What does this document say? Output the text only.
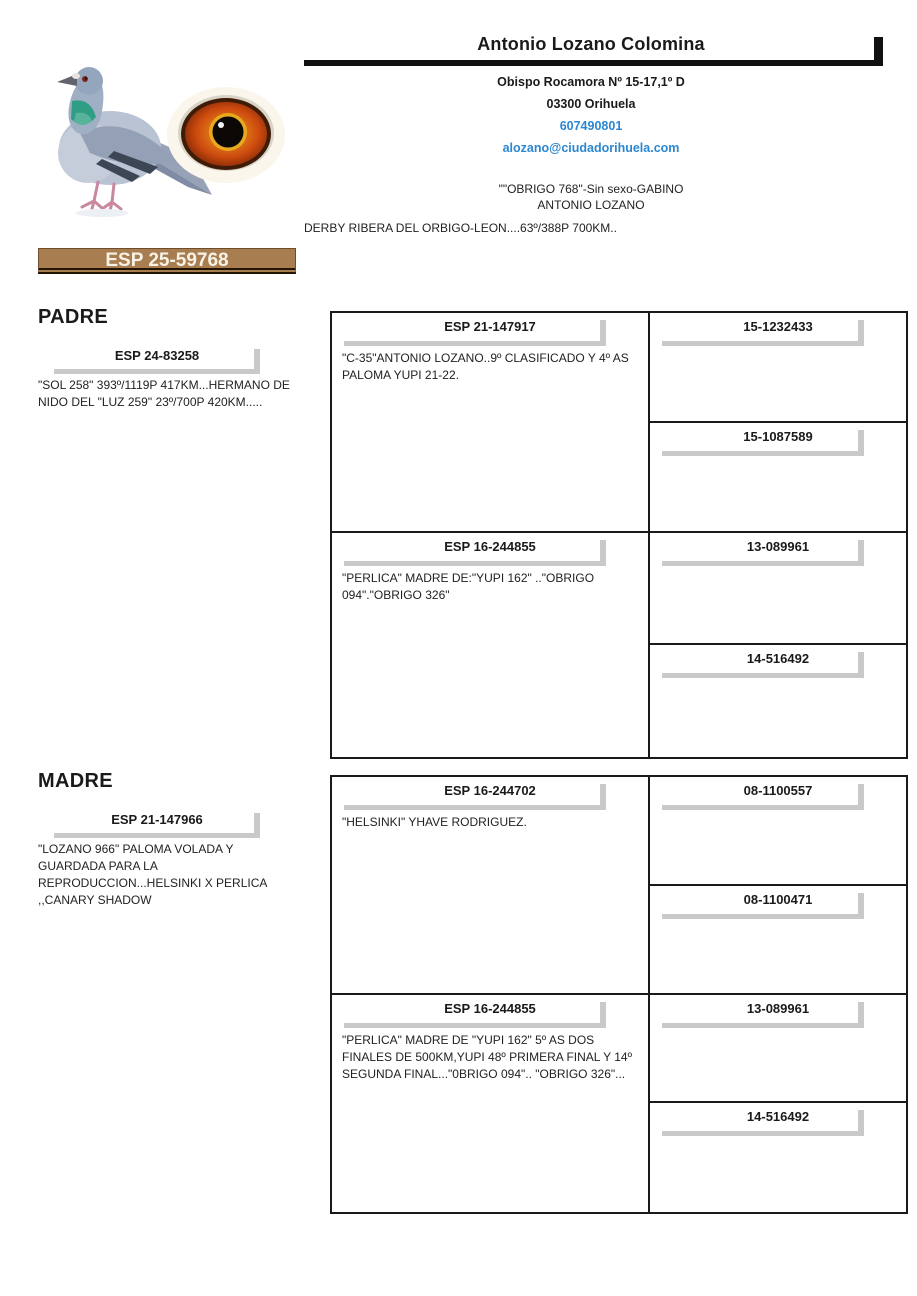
Antonio Lozano Colomina
Obispo Rocamora Nº 15-17,1º D
03300 Orihuela
607490801
alozano@ciudadorihuela.com
""OBRIGO 768"-Sin sexo-GABINO
ANTONIO LOZANO
DERBY RIBERA DEL ORBIGO-LEON....63º/388P 700KM..
ESP 25-59768
PADRE
ESP 24-83258
"SOL 258" 393º/1119P 417KM...HERMANO DE NIDO DEL "LUZ 259" 23º/700P 420KM.....
ESP 21-147917
"C-35"ANTONIO LOZANO..9º CLASIFICADO Y 4º AS PALOMA YUPI 21-22.
ESP 16-244855
"PERLICA" MADRE DE:"YUPI 162" .."OBRIGO 094"."OBRIGO 326"
15-1232433
15-1087589
13-089961
14-516492
MADRE
ESP 21-147966
"LOZANO 966" PALOMA VOLADA Y GUARDADA PARA LA REPRODUCCION...HELSINKI X PERLICA ,,CANARY SHADOW
ESP 16-244702
"HELSINKI" YHAVE RODRIGUEZ.
ESP 16-244855
"PERLICA" MADRE DE "YUPI 162" 5º AS DOS FINALES DE 500KM,YUPI 48º PRIMERA FINAL Y 14º SEGUNDA FINAL..."0BRIGO 094".. "OBRIGO 326"...
08-1100557
08-1100471
13-089961
14-516492
